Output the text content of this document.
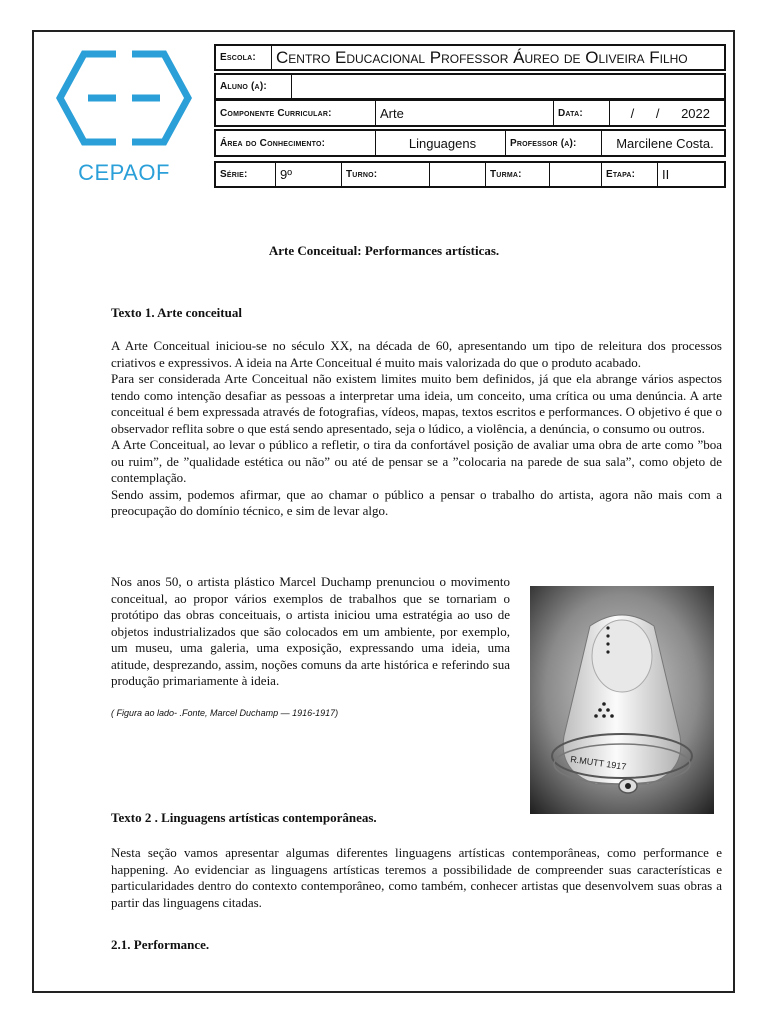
CEPAOF
Escola: Centro Educacional Professor Áureo de Oliveira Filho
Aluno (a):
Componente Curricular:	Arte	Data:	/ / 2022
Área do Conhecimento:	Linguagens	Professor (a):	Marcilene Costa.
Série: 9º	Turno:	Turma:	Etapa: II
Arte Conceitual: Performances artísticas.
Texto 1. Arte conceitual

A Arte Conceitual iniciou-se no século XX, na década de 60, apresentando um tipo de releitura dos processos criativos e expressivos. A ideia na Arte Conceitual é muito mais valorizada do que o produto acabado.

Para ser considerada Arte Conceitual não existem limites muito bem definidos, já que ela abrange vários aspectos tendo como intenção desafiar as pessoas a interpretar uma ideia, um conceito, uma crítica ou uma denúncia. A arte conceitual é bem expressada através de fotografias, vídeos, mapas, textos escritos e performances. O objetivo é que o observador reflita sobre o que está sendo apresentado, seja o lúdico, a violência, a denúncia, o consumo ou outros.

A Arte Conceitual, ao levar o público a refletir, o tira da confortável posição de avaliar uma obra de arte como ”boa ou ruim”, de ”qualidade estética ou não” ou até de pensar se a ”colocaria na parede de sua sala”, como objeto de contemplação.

Sendo assim, podemos afirmar, que ao chamar o público a pensar o trabalho do artista, agora não mais com a preocupação do domínio técnico, e sim de levar algo.

Nos anos 50, o artista plástico Marcel Duchamp prenunciou o movimento conceitual, ao propor vários exemplos de trabalhos que se tornariam o protótipo das obras conceituais, o artista iniciou uma estratégia ao uso de objetos industrializados que são colocados em um ambiente, por exemplo, um museu, uma galeria, uma exposição, expressando uma ideia, uma atitude, desprezando, assim, noções comuns da arte histórica e referindo sua produção primariamente à ideia.

( Figura ao lado- .Fonte, Marcel Duchamp — 1916-1917)
R.MUTT 1917
Texto 2 . Linguagens artísticas contemporâneas.

Nesta seção vamos apresentar algumas diferentes linguagens artísticas contemporâneas, como performance e happening. Ao evidenciar as linguagens artísticas teremos a possibilidade de compreender suas características e particularidades dentro do contexto contemporâneo, como também, conhecer artistas que desenvolvem suas obras a partir das linguagens citadas.

2.1. Performance.
